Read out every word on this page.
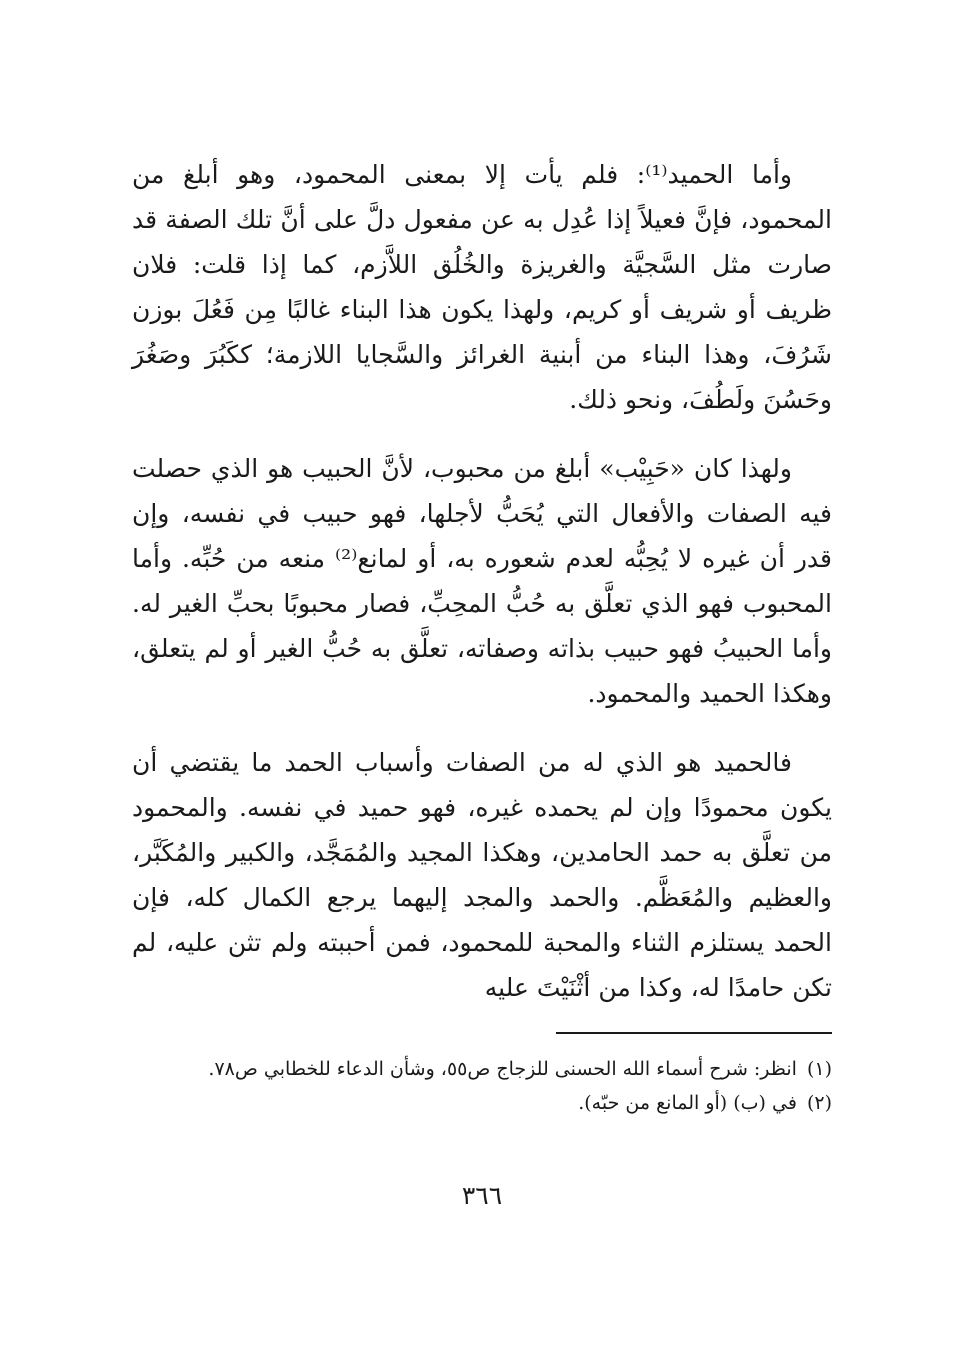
وأما الحميد⁽¹⁾: فلم يأت إلا بمعنى المحمود، وهو أبلغ من المحمود، فإنَّ فعيلاً إذا عُدِل به عن مفعول دلَّ على أنَّ تلك الصفة قد صارت مثل السَّجيَّة والغريزة والخُلُق اللاَّزم، كما إذا قلت: فلان ظريف أو شريف أو كريم، ولهذا يكون هذا البناء غالبًا مِن فَعُلَ بوزن شَرُفَ، وهذا البناء من أبنية الغرائز والسَّجايا اللازمة؛ ككَبُرَ وصَغُرَ وحَسُنَ ولَطُفَ، ونحو ذلك.

ولهذا كان «حَبِيْب» أبلغ من محبوب، لأنَّ الحبيب هو الذي حصلت فيه الصفات والأفعال التي يُحَبُّ لأجلها، فهو حبيب في نفسه، وإن قدر أن غيره لا يُحِبُّه لعدم شعوره به، أو لمانع⁽²⁾ منعه من حُبِّه. وأما المحبوب فهو الذي تعلَّق به حُبُّ المحِبِّ، فصار محبوبًا بحبِّ الغير له. وأما الحبيبُ فهو حبيب بذاته وصفاته، تعلَّق به حُبُّ الغير أو لم يتعلق، وهكذا الحميد والمحمود.

فالحميد هو الذي له من الصفات وأسباب الحمد ما يقتضي أن يكون محمودًا وإن لم يحمده غيره، فهو حميد في نفسه. والمحمود من تعلَّق به حمد الحامدين، وهكذا المجيد والمُمَجَّد، والكبير والمُكَبَّر، والعظيم والمُعَظَّم. والحمد والمجد إليهما يرجع الكمال كله، فإن الحمد يستلزم الثناء والمحبة للمحمود، فمن أحببته ولم تثن عليه، لم تكن حامدًا له، وكذا من أثْنَيْتَ عليه

(١)
انظر: شرح أسماء الله الحسنى للزجاج ص٥٥، وشأن الدعاء للخطابي ص٧٨.
(٢)
في (ب) (أو المانع من حبّه).
٣٦٦
